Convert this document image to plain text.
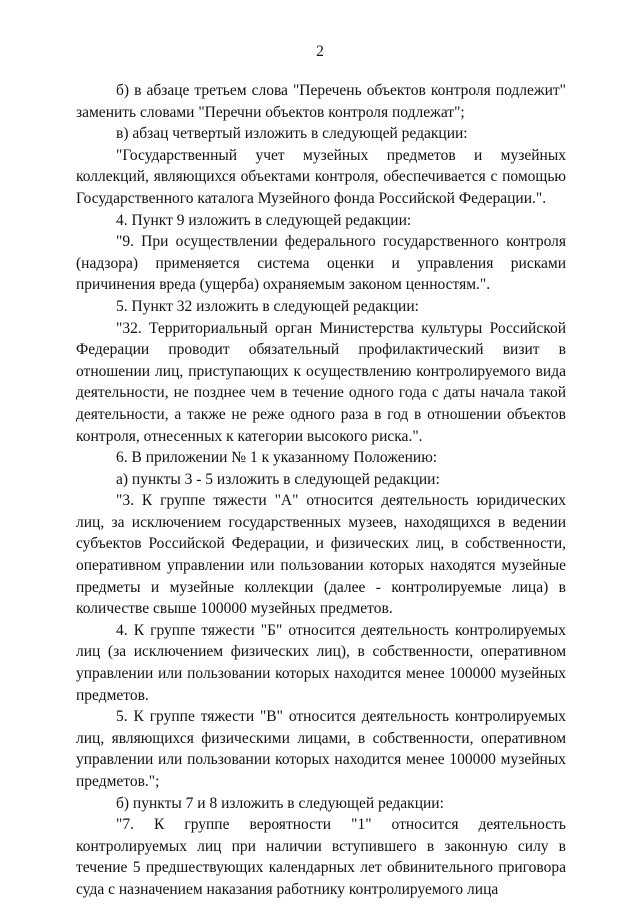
2

б) в абзаце третьем слова "Перечень объектов контроля подлежит" заменить словами "Перечни объектов контроля подлежат";

в) абзац четвертый изложить в следующей редакции:

"Государственный учет музейных предметов и музейных коллекций, являющихся объектами контроля, обеспечивается с помощью Государственного каталога Музейного фонда Российской Федерации.".

4. Пункт 9 изложить в следующей редакции:

"9. При осуществлении федерального государственного контроля (надзора) применяется система оценки и управления рисками причинения вреда (ущерба) охраняемым законом ценностям.".

5. Пункт 32 изложить в следующей редакции:

"32. Территориальный орган Министерства культуры Российской Федерации проводит обязательный профилактический визит в отношении лиц, приступающих к осуществлению контролируемого вида деятельности, не позднее чем в течение одного года с даты начала такой деятельности, а также не реже одного раза в год в отношении объектов контроля, отнесенных к категории высокого риска.".

6. В приложении № 1 к указанному Положению:

а) пункты 3 - 5 изложить в следующей редакции:

"3. К группе тяжести "А" относится деятельность юридических лиц, за исключением государственных музеев, находящихся в ведении субъектов Российской Федерации, и физических лиц, в собственности, оперативном управлении или пользовании которых находятся музейные предметы и музейные коллекции (далее - контролируемые лица) в количестве свыше 100000 музейных предметов.

4. К группе тяжести "Б" относится деятельность контролируемых лиц (за исключением физических лиц), в собственности, оперативном управлении или пользовании которых находится менее 100000 музейных предметов.

5. К группе тяжести "В" относится деятельность контролируемых лиц, являющихся физическими лицами, в собственности, оперативном управлении или пользовании которых находится менее 100000 музейных предметов.";

б) пункты 7 и 8 изложить в следующей редакции:

"7. К группе вероятности "1" относится деятельность контролируемых лиц при наличии вступившего в законную силу в течение 5 предшествующих календарных лет обвинительного приговора суда с назначением наказания работнику контролируемого лица
